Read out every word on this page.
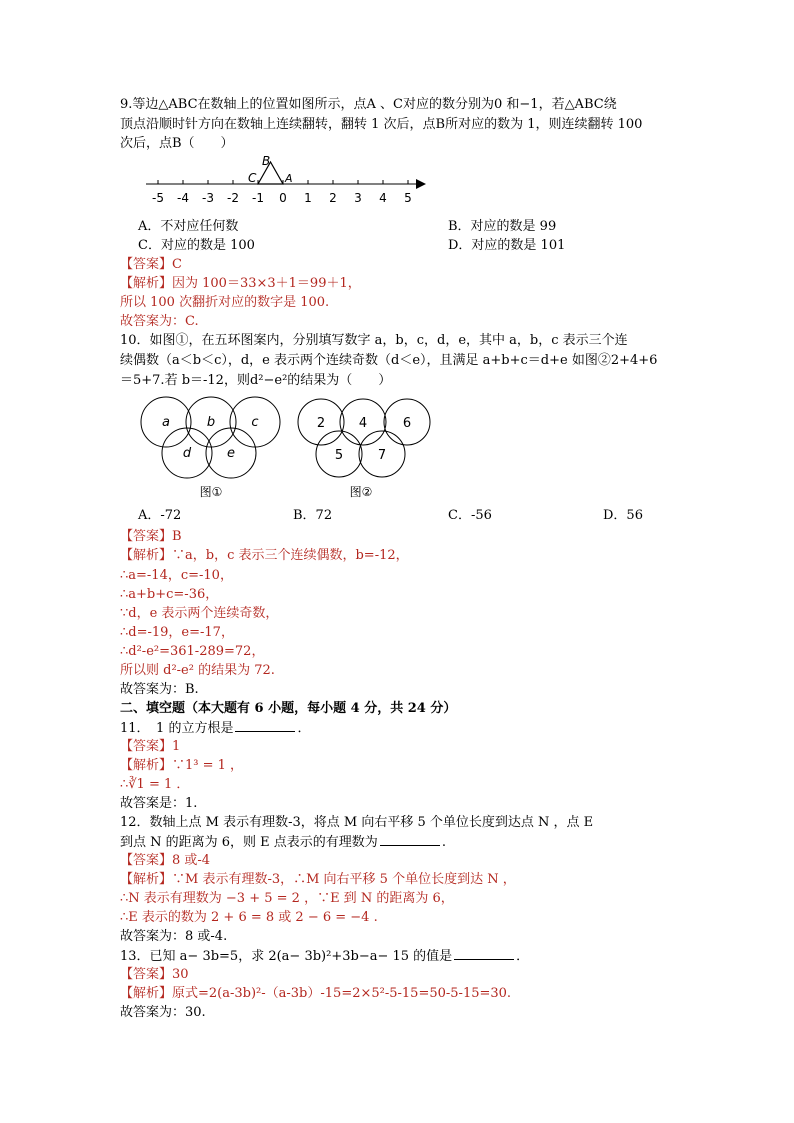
9.等边△ABC在数轴上的位置如图所示，点A 、C对应的数分别为0 和−1，若△ABC绕
顶点沿顺时针方向在数轴上连续翻转，翻转 1 次后，点B所对应的数为 1，则连续翻转 100
次后，点B（　　）
-5 -4 -3 -2 -1 0 1 2 3 4 5
B
C	A
A．不对应任何数	B．对应的数是 99
C．对应的数是 100	D．对应的数是 101
【答案】C
【解析】因为 100＝33×3＋1＝99＋1，
所以 100 次翻折对应的数字是 100.
故答案为：C.
10．如图①，在五环图案内，分别填写数字 a，b，c，d，e，其中 a，b，c 表示三个连
续偶数（a＜b＜c），d，e 表示两个连续奇数（d＜e），且满足 a+b+c＝d+e 如图②2+4+6
＝5+7.若 b＝-12，则d²−e²的结果为（　　）
a	b	c
d	e
图①
2	4	6
5	7
图②
A．-72	B．72	C．-56	D．56
【答案】B
【解析】∵a，b，c 表示三个连续偶数，b=-12，
∴a=-14，c=-10，
∴a+b+c=-36，
∵d，e 表示两个连续奇数，
∴d=-19，e=-17，
∴d²-e²=361-289=72，
所以则 d²-e² 的结果为 72.
故答案为：B.
二、填空题（本大题有 6 小题，每小题 4 分，共 24 分）
11．　1 的立方根是	．
【答案】1
【解析】∵1³ = 1 ，
∴∛1 = 1 ．
故答案是：1.
12．数轴上点 M 表示有理数-3，将点 M 向右平移 5 个单位长度到达点 N ，点 E
到点 N 的距离为 6，则 E 点表示的有理数为	.
【答案】8 或-4
【解析】∵M 表示有理数-3，∴M 向右平移 5 个单位长度到达 N ，
∴N 表示有理数为 −3 + 5 = 2 ，∵E 到 N 的距离为 6，
∴E 表示的数为 2 + 6 = 8 或 2 − 6 = −4 .
故答案为：8 或-4.
13．已知 a− 3b=5，求 2(a− 3b)²+3b−a− 15 的值是	．
【答案】30
【解析】原式=2(a-3b)²-（a-3b）-15=2×5²-5-15=50-5-15=30.
故答案为：30.
